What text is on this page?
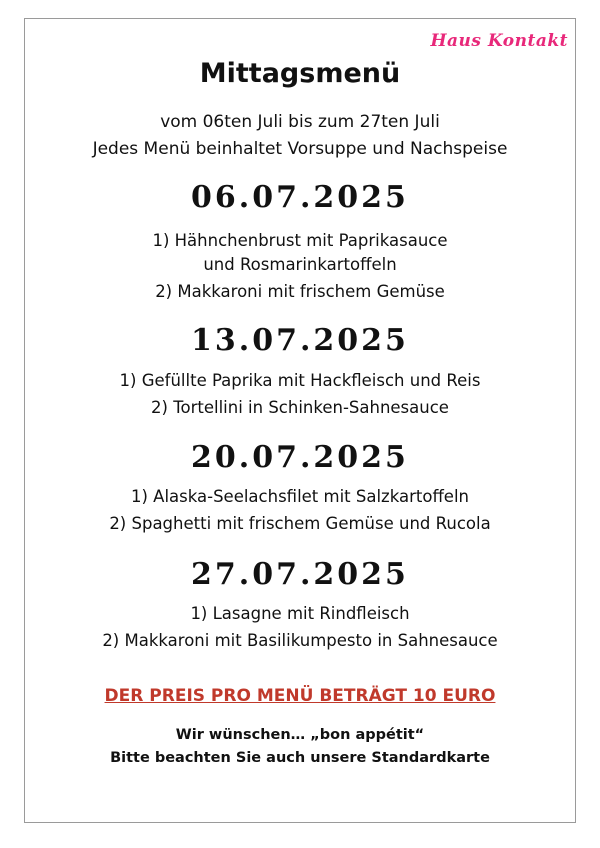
Haus Kontakt
Mittagsmenü
vom 06ten Juli bis zum 27ten Juli
Jedes Menü beinhaltet Vorsuppe und Nachspeise
06.07.2025
1) Hähnchenbrust mit Paprikasauce
und Rosmarinkartoffeln
2) Makkaroni mit frischem Gemüse
13.07.2025
1) Gefüllte Paprika mit Hackfleisch und Reis
2) Tortellini in Schinken-Sahnesauce
20.07.2025
1) Alaska-Seelachsfilet mit Salzkartoffeln
2) Spaghetti mit frischem Gemüse und Rucola
27.07.2025
1) Lasagne mit Rindfleisch
2) Makkaroni mit Basilikumpesto in Sahnesauce
DER PREIS PRO MENÜ BETRÄGT 10 EURO
Wir wünschen… „bon appétit“
Bitte beachten Sie auch unsere Standardkarte
